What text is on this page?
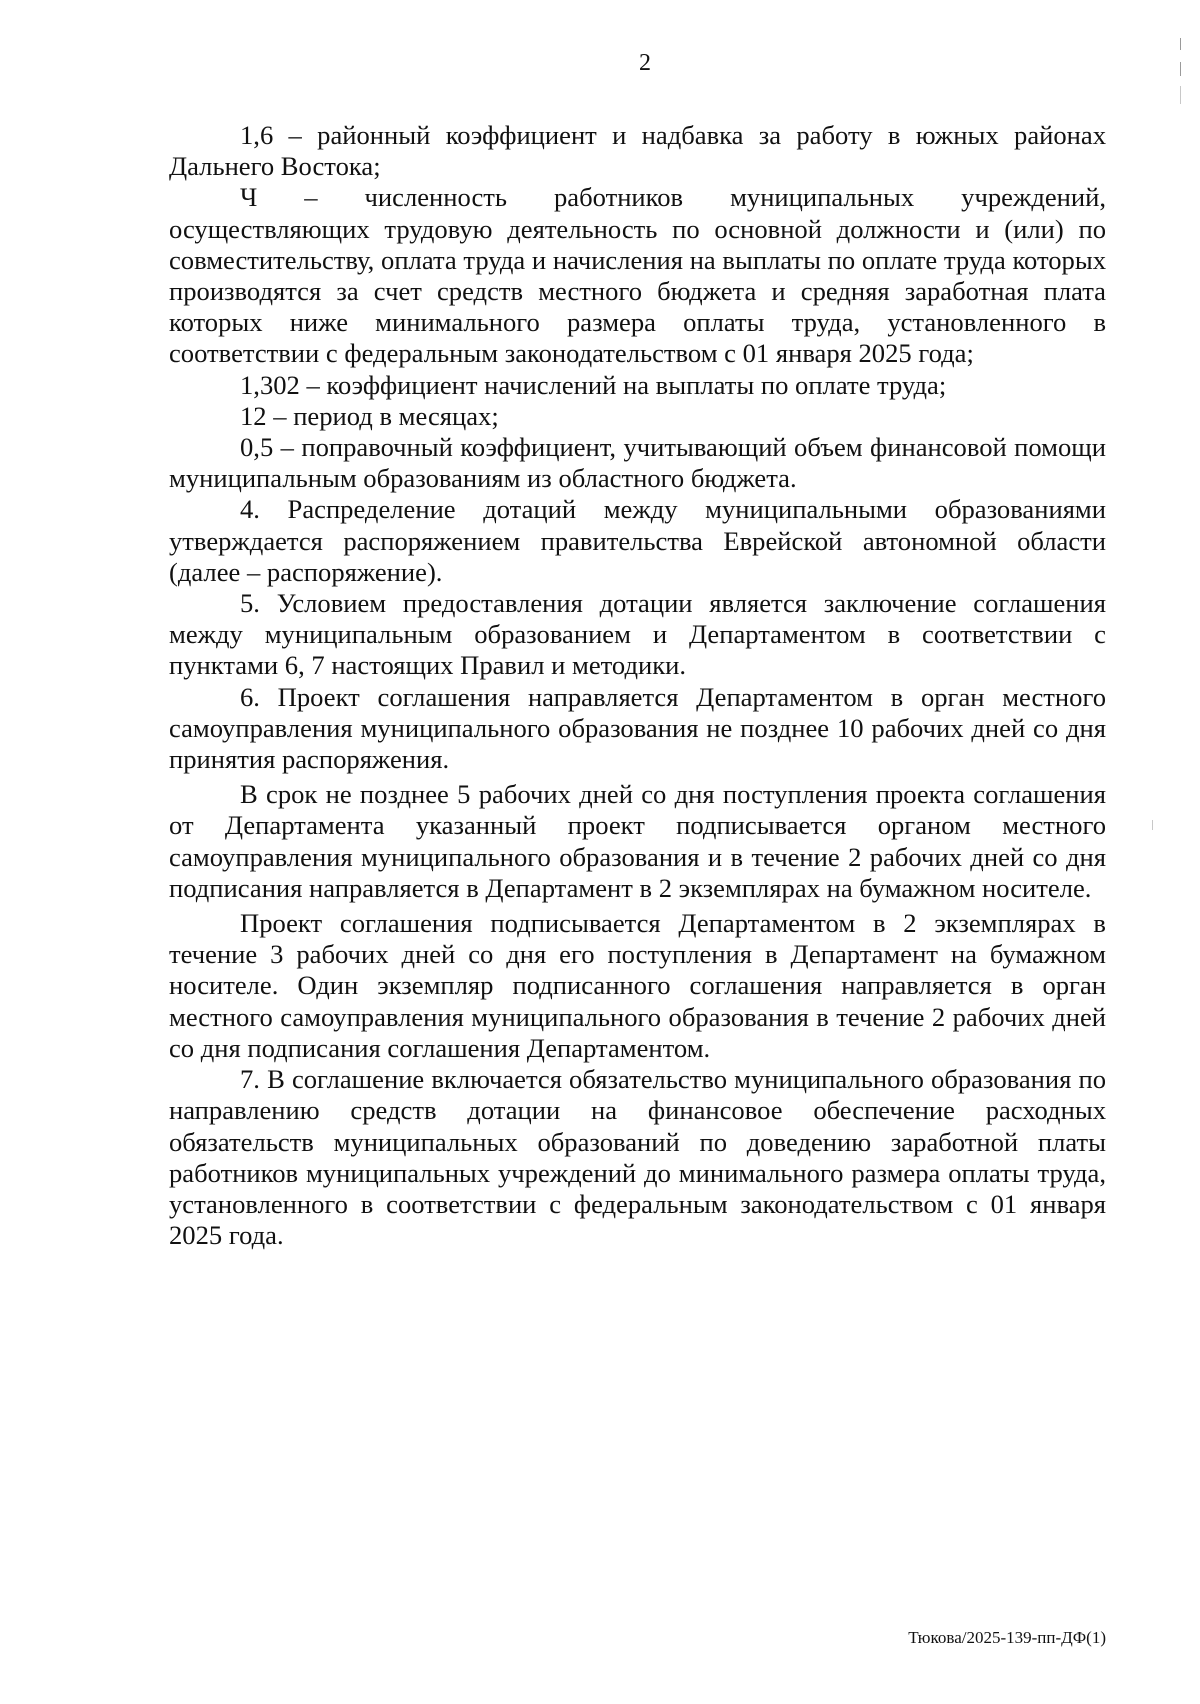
2

1,6 – районный коэффициент и надбавка за работу в южных районах Дальнего Востока;

Ч – численность работников муниципальных учреждений, осуществляющих трудовую деятельность по основной должности и (или) по совместительству, оплата труда и начисления на выплаты по оплате труда которых производятся за счет средств местного бюджета и средняя заработная плата которых ниже минимального размера оплаты труда, установленного в соответствии с федеральным законодательством с 01 января 2025 года;

1,302 – коэффициент начислений на выплаты по оплате труда;

12 – период в месяцах;

0,5 – поправочный коэффициент, учитывающий объем финансовой помощи муниципальным образованиям из областного бюджета.

4. Распределение дотаций между муниципальными образованиями утверждается распоряжением правительства Еврейской автономной области (далее – распоряжение).

5. Условием предоставления дотации является заключение соглашения между муниципальным образованием и Департаментом в соответствии с пунктами 6, 7 настоящих Правил и методики.

6. Проект соглашения направляется Департаментом в орган местного самоуправления муниципального образования не позднее 10 рабочих дней со дня принятия распоряжения.

В срок не позднее 5 рабочих дней со дня поступления проекта соглашения от Департамента указанный проект подписывается органом местного самоуправления муниципального образования и в течение 2 рабочих дней со дня подписания направляется в Департамент в 2 экземплярах на бумажном носителе.

Проект соглашения подписывается Департаментом в 2 экземплярах в течение 3 рабочих дней со дня его поступления в Департамент на бумажном носителе. Один экземпляр подписанного соглашения направляется в орган местного самоуправления муниципального образования в течение 2 рабочих дней со дня подписания соглашения Департаментом.

7. В соглашение включается обязательство муниципального образования по направлению средств дотации на финансовое обеспечение расходных обязательств муниципальных образований по доведению заработной платы работников муниципальных учреждений до минимального размера оплаты труда, установленного в соответствии с федеральным законодательством с 01 января 2025 года.

Тюкова/2025-139-пп-ДФ(1)
